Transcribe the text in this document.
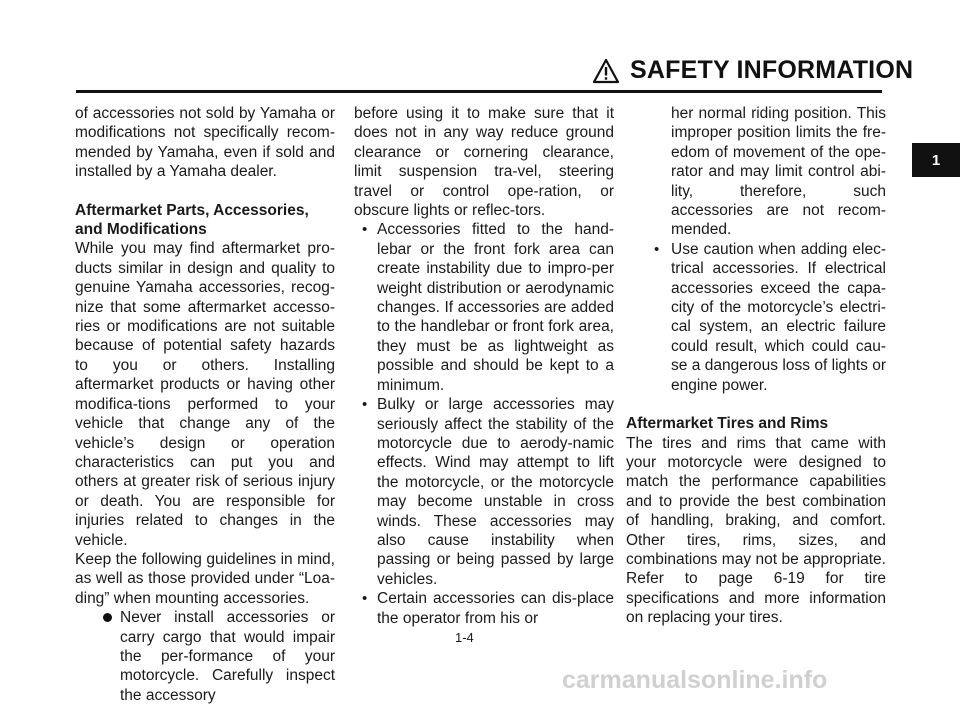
SAFETY INFORMATION
1

of accessories not sold by Yamaha or modifications not specifically recom-mended by Yamaha, even if sold and installed by a Yamaha dealer.

Aftermarket Parts, Accessories,
and Modifications

While you may find aftermarket pro-ducts similar in design and quality to genuine Yamaha accessories, recog-nize that some aftermarket accesso-ries or modifications are not suitable because of potential safety hazards to you or others. Installing aftermarket products or having other modifica-tions performed to your vehicle that change any of the vehicle’s design or operation characteristics can put you and others at greater risk of serious injury or death. You are responsible for injuries related to changes in the vehicle.

Keep the following guidelines in mind, as well as those provided under “Loa-ding” when mounting accessories.

Never install accessories or carry cargo that would impair the per-formance of your motorcycle. Carefully inspect the accessory

before using it to make sure that it does not in any way reduce ground clearance or cornering clearance, limit suspension tra-vel, steering travel or control ope-ration, or obscure lights or reflec-tors.

• Accessories fitted to the hand-lebar or the front fork area can create instability due to impro-per weight distribution or aerodynamic changes. If accessories are added to the handlebar or front fork area, they must be as lightweight as possible and should be kept to a minimum.
• Bulky or large accessories may seriously affect the stability of the motorcycle due to aerody-namic effects. Wind may attempt to lift the motorcycle, or the motorcycle may become unstable in cross winds. These accessories may also cause instability when passing or being passed by large vehicles.
• Certain accessories can dis-place the operator from his or

her normal riding position. This improper position limits the fre-edom of movement of the ope-rator and may limit control abi-lity, therefore, such accessories are not recom-mended.

• Use caution when adding elec-trical accessories. If electrical accessories exceed the capa-city of the motorcycle’s electri-cal system, an electric failure could result, which could cau-se a dangerous loss of lights or engine power.
Aftermarket Tires and Rims

The tires and rims that came with your motorcycle were designed to match the performance capabilities and to provide the best combination of handling, braking, and comfort. Other tires, rims, sizes, and combinations may not be appropriate. Refer to page 6-19 for tire specifications and more information on replacing your tires.

1-4
carmanualsonline.info
